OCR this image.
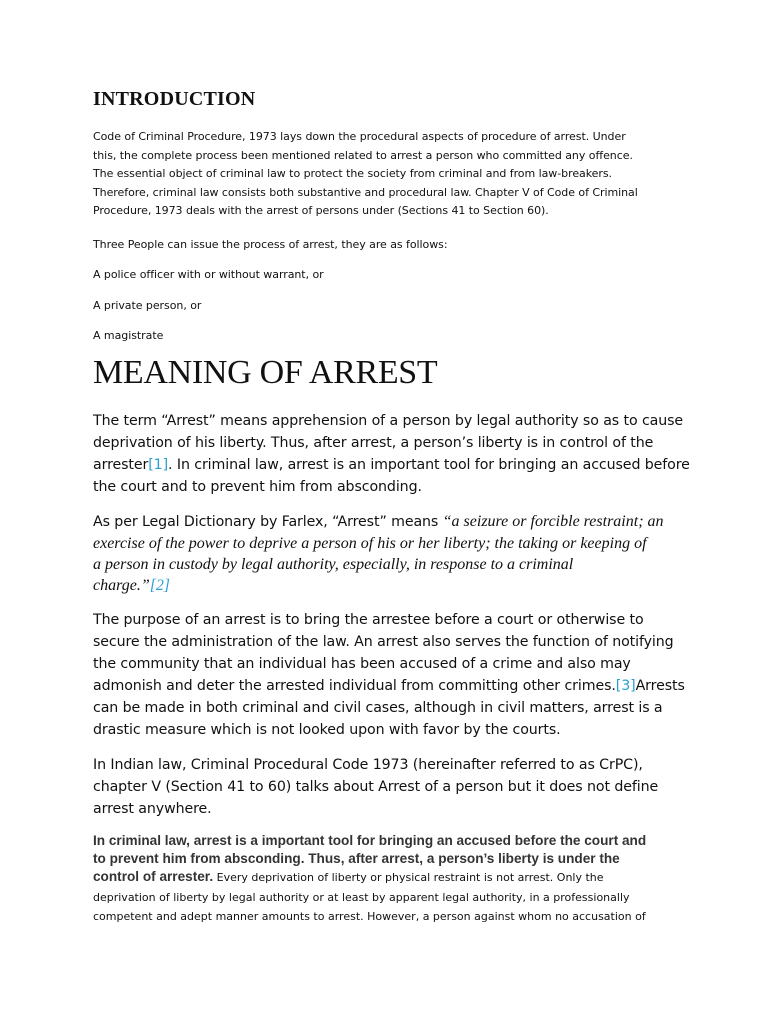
INTRODUCTION

Code of Criminal Procedure, 1973 lays down the procedural aspects of procedure of arrest. Under
this, the complete process been mentioned related to arrest a person who committed any offence.
The essential object of criminal law to protect the society from criminal and from law-breakers.
Therefore, criminal law consists both substantive and procedural law. Chapter V of Code of Criminal
Procedure, 1973 deals with the arrest of persons under (Sections 41 to Section 60).

Three People can issue the process of arrest, they are as follows:

A police officer with or without warrant, or

A private person, or

A magistrate

MEANING OF ARREST

The term “Arrest” means apprehension of a person by legal authority so as to cause
deprivation of his liberty. Thus, after arrest, a person’s liberty is in control of the
arrester[1]. In criminal law, arrest is an important tool for bringing an accused before
the court and to prevent him from absconding.

As per Legal Dictionary by Farlex, “Arrest” means “a seizure or forcible restraint; an
exercise of the power to deprive a person of his or her liberty; the taking or keeping of
a person in custody by legal authority, especially, in response to a criminal
charge.”[2]

The purpose of an arrest is to bring the arrestee before a court or otherwise to
secure the administration of the law. An arrest also serves the function of notifying
the community that an individual has been accused of a crime and also may
admonish and deter the arrested individual from committing other crimes.[3]Arrests
can be made in both criminal and civil cases, although in civil matters, arrest is a
drastic measure which is not looked upon with favor by the courts.

In Indian law, Criminal Procedural Code 1973 (hereinafter referred to as CrPC),
chapter V (Section 41 to 60) talks about Arrest of a person but it does not define
arrest anywhere.

In criminal law, arrest is a important tool for bringing an accused before the court and
to prevent him from absconding. Thus, after arrest, a person’s liberty is under the
control of arrester. Every deprivation of liberty or physical restraint is not arrest. Only the
deprivation of liberty by legal authority or at least by apparent legal authority, in a professionally
competent and adept manner amounts to arrest. However, a person against whom no accusation of
